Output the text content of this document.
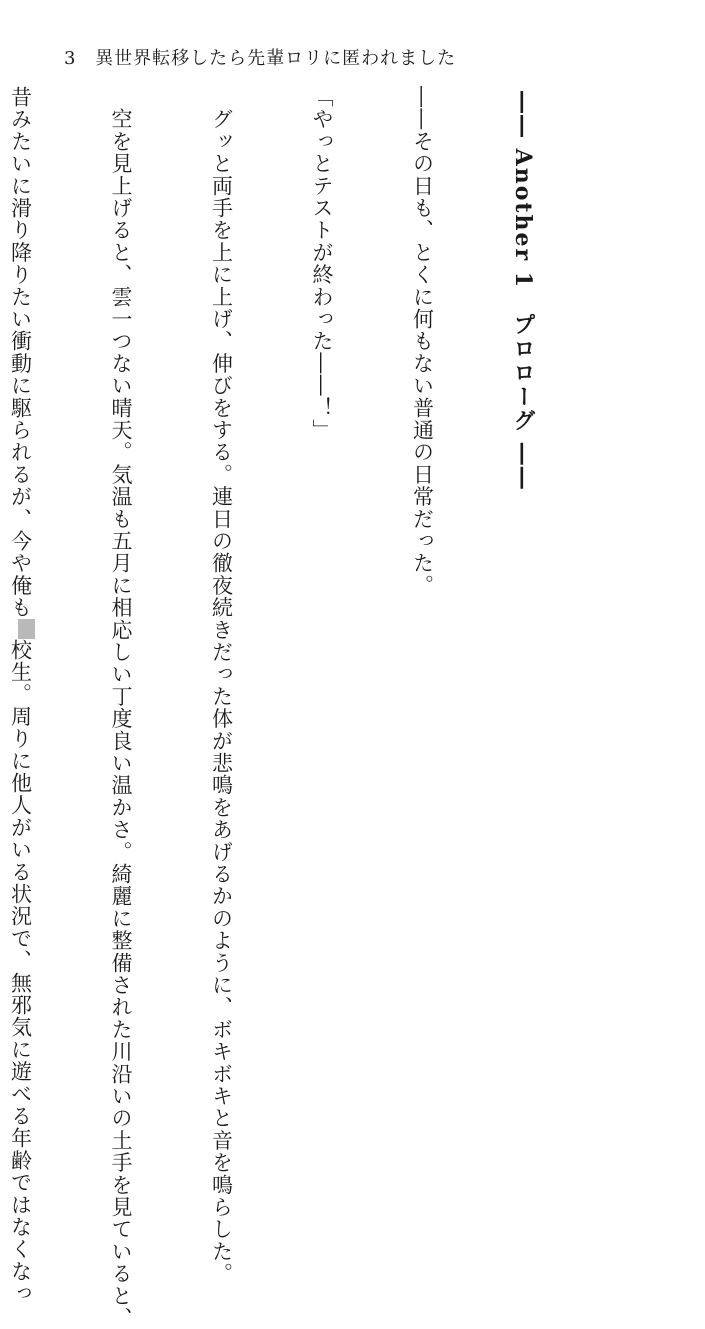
3 異世界転移したら先輩ロリに匿われました

―― Another 1　プロローグ ――

――その日も、とくに何もない普通の日常だった。

「やっとテストが終わった――！」

　グッと両手を上に上げ、伸びをする。連日の徹夜続きだった体が悲鳴をあげるかのように、ボキボキと音を鳴らした。

　空を見上げると、雲一つない晴天。気温も五月に相応しい丁度良い温かさ。綺麗に整備された川沿いの土手を見ていると、

昔みたいに滑り降りたい衝動に駆られるが、今や俺も校生。周りに他人がいる状況で、無邪気に遊べる年齢ではなくなっ
